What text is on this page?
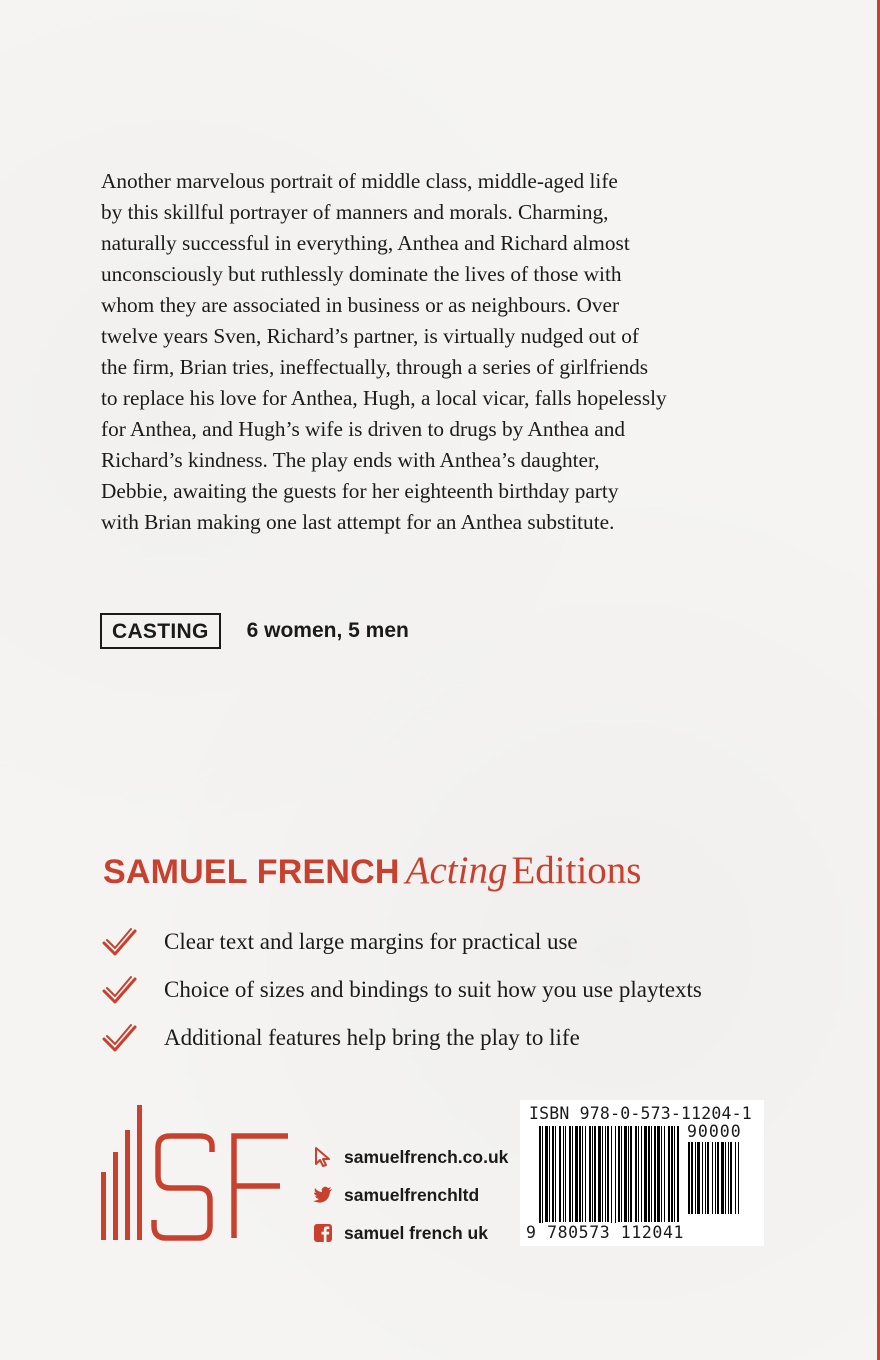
Another marvelous portrait of middle class, middle-aged life
by this skillful portrayer of manners and morals. Charming,
naturally successful in everything, Anthea and Richard almost
unconsciously but ruthlessly dominate the lives of those with
whom they are associated in business or as neighbours. Over
twelve years Sven, Richard’s partner, is virtually nudged out of
the firm, Brian tries, ineffectually, through a series of girlfriends
to replace his love for Anthea, Hugh, a local vicar, falls hopelessly
for Anthea, and Hugh’s wife is driven to drugs by Anthea and
Richard’s kindness. The play ends with Anthea’s daughter,
Debbie, awaiting the guests for her eighteenth birthday party
with Brian making one last attempt for an Anthea substitute.
CASTING	6 women, 5 men
SAMUEL FRENCH Acting Editions
Clear text and large margins for practical use
Choice of sizes and bindings to suit how you use playtexts
Additional features help bring the play to life
samuelfrench.co.uk
samuelfrenchltd
samuel french uk
ISBN 978-0-573-11204-1
90000
9 780573 112041
